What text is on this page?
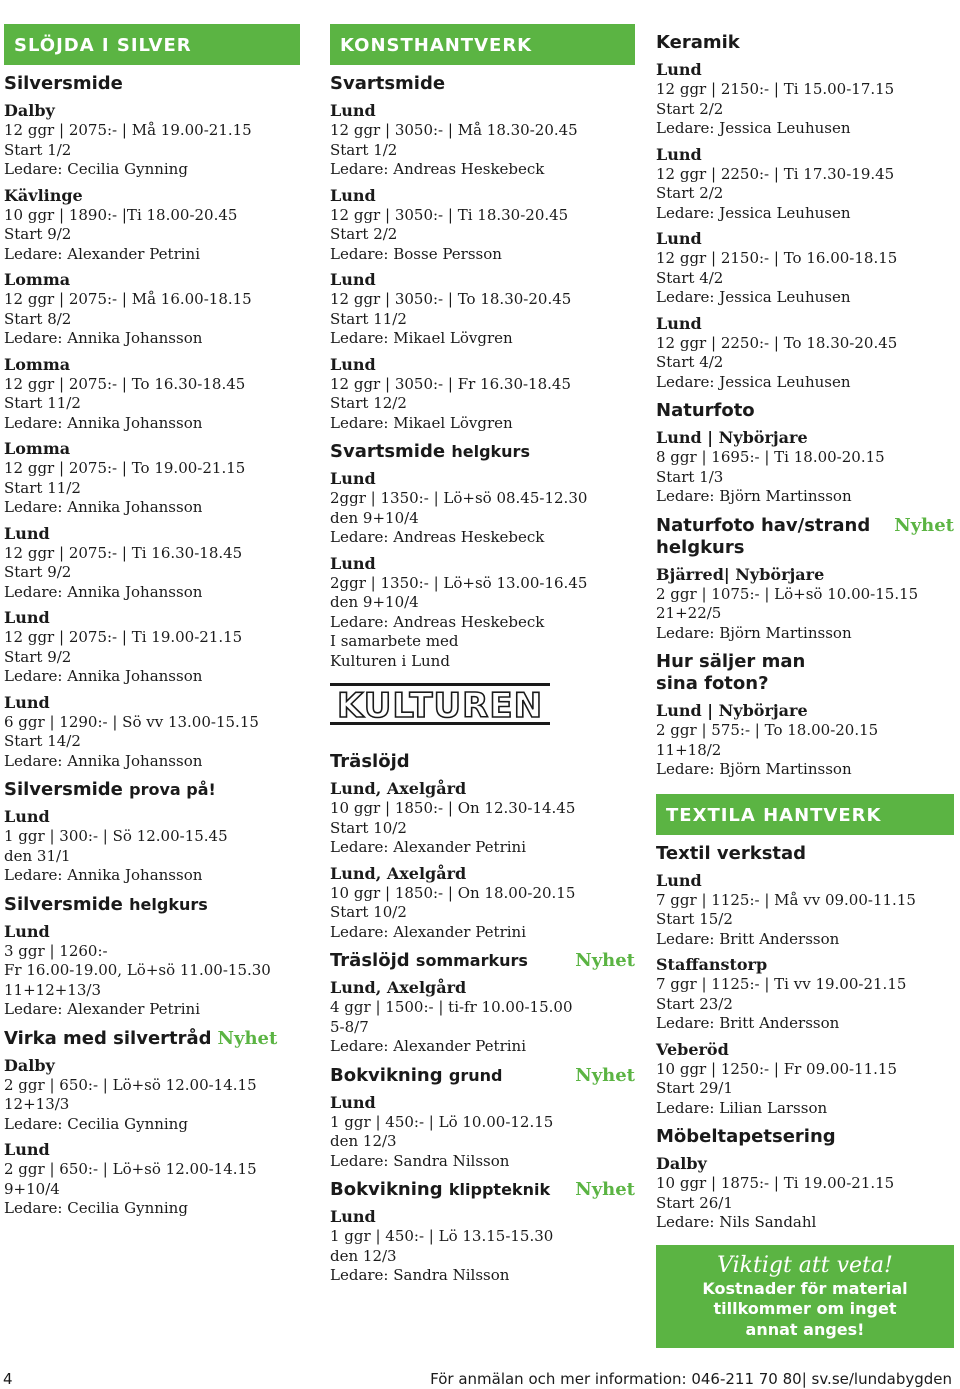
SLÖJDA I SILVER
Silversmide
Dalby
12 ggr | 2075:- | Må 19.00-21.15
Start 1/2
Ledare: Cecilia Gynning
Kävlinge
10 ggr | 1890:- |Ti 18.00-20.45
Start 9/2
Ledare: Alexander Petrini
Lomma
12 ggr | 2075:- | Må 16.00-18.15
Start 8/2
Ledare: Annika Johansson
Lomma
12 ggr | 2075:- | To 16.30-18.45
Start 11/2
Ledare: Annika Johansson
Lomma
12 ggr | 2075:- | To 19.00-21.15
Start 11/2
Ledare: Annika Johansson
Lund
12 ggr | 2075:- | Ti 16.30-18.45
Start 9/2
Ledare: Annika Johansson
Lund
12 ggr | 2075:- | Ti 19.00-21.15
Start 9/2
Ledare: Annika Johansson
Lund
6 ggr | 1290:- | Sö vv 13.00-15.15
Start 14/2
Ledare: Annika Johansson
Silversmide prova på!
Lund
1 ggr | 300:- | Sö 12.00-15.45
den 31/1
Ledare: Annika Johansson
Silversmide helgkurs
Lund
3 ggr | 1260:-
Fr 16.00-19.00, Lö+sö 11.00-15.30
11+12+13/3
Ledare: Alexander Petrini
Virka med silvertråd Nyhet
Dalby
2 ggr | 650:- | Lö+sö 12.00-14.15
12+13/3
Ledare: Cecilia Gynning
Lund
2 ggr | 650:- | Lö+sö 12.00-14.15
9+10/4
Ledare: Cecilia Gynning
KONSTHANTVERK
Svartsmide
Lund
12 ggr | 3050:- | Må 18.30-20.45
Start 1/2
Ledare: Andreas Heskebeck
Lund
12 ggr | 3050:- | Ti 18.30-20.45
Start 2/2
Ledare: Bosse Persson
Lund
12 ggr | 3050:- | To 18.30-20.45
Start 11/2
Ledare: Mikael Lövgren
Lund
12 ggr | 3050:- | Fr 16.30-18.45
Start 12/2
Ledare: Mikael Lövgren
Svartsmide helgkurs
Lund
2ggr | 1350:- | Lö+sö 08.45-12.30
den 9+10/4
Ledare: Andreas Heskebeck
Lund
2ggr | 1350:- | Lö+sö 13.00-16.45
den 9+10/4
Ledare: Andreas Heskebeck
I samarbete med
Kulturen i Lund
KULTUREN
Träslöjd
Lund, Axelgård
10 ggr | 1850:- | On 12.30-14.45
Start 10/2
Ledare: Alexander Petrini
Lund, Axelgård
10 ggr | 1850:- | On 18.00-20.15
Start 10/2
Ledare: Alexander Petrini
Träslöjd sommarkurs	Nyhet
Lund, Axelgård
4 ggr | 1500:- | ti-fr 10.00-15.00
5-8/7
Ledare: Alexander Petrini
Bokvikning grund	Nyhet
Lund
1 ggr | 450:- | Lö 10.00-12.15
den 12/3
Ledare: Sandra Nilsson
Bokvikning klippteknik Nyhet
Lund
1 ggr | 450:- | Lö 13.15-15.30
den 12/3
Ledare: Sandra Nilsson
Keramik
Lund
12 ggr | 2150:- | Ti 15.00-17.15
Start 2/2
Ledare: Jessica Leuhusen
Lund
12 ggr | 2250:- | Ti 17.30-19.45
Start 2/2
Ledare: Jessica Leuhusen
Lund
12 ggr | 2150:- | To 16.00-18.15
Start 4/2
Ledare: Jessica Leuhusen
Lund
12 ggr | 2250:- | To 18.30-20.45
Start 4/2
Ledare: Jessica Leuhusen
Naturfoto
Lund | Nybörjare
8 ggr | 1695:- | Ti 18.00-20.15
Start 1/3
Ledare: Björn Martinsson
Naturfoto hav/strand Nyhet
helgkurs
Bjärred| Nybörjare
2 ggr | 1075:- | Lö+sö 10.00-15.15
21+22/5
Ledare: Björn Martinsson
Hur säljer man
sina foton?
Lund | Nybörjare
2 ggr | 575:- | To 18.00-20.15
11+18/2
Ledare: Björn Martinsson
TEXTILA HANTVERK
Textil verkstad
Lund
7 ggr | 1125:- | Må vv 09.00-11.15
Start 15/2
Ledare: Britt Andersson
Staffanstorp
7 ggr | 1125:- | Ti vv 19.00-21.15
Start 23/2
Ledare: Britt Andersson
Veberöd
10 ggr | 1250:- | Fr 09.00-11.15
Start 29/1
Ledare: Lilian Larsson
Möbeltapetsering
Dalby
10 ggr | 1875:- | Ti 19.00-21.15
Start 26/1
Ledare: Nils Sandahl
Viktigt att veta!
Kostnader för material
tillkommer om inget
annat anges!
4	För anmälan och mer information: 046-211 70 80| sv.se/lundabygden
